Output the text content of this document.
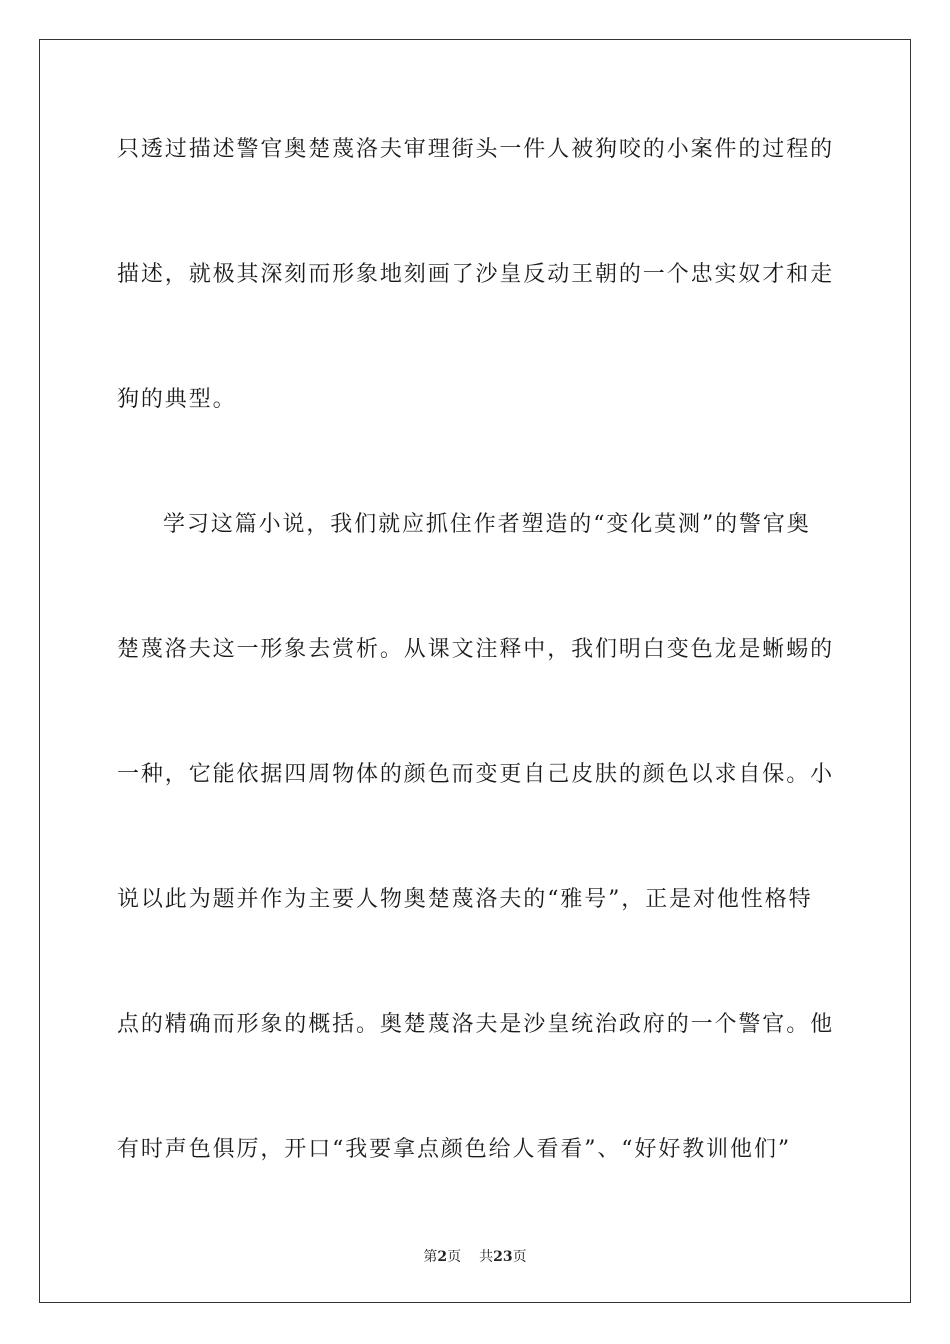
只透过描述警官奥楚蔑洛夫审理街头一件人被狗咬的小案件的过程的
描述，就极其深刻而形象地刻画了沙皇反动王朝的一个忠实奴才和走
狗的典型。
学习这篇小说，我们就应抓住作者塑造的“变化莫测”的警官奥
楚蔑洛夫这一形象去赏析。从课文注释中，我们明白变色龙是蜥蜴的
一种，它能依据四周物体的颜色而变更自己皮肤的颜色以求自保。小
说以此为题并作为主要人物奥楚蔑洛夫的“雅号”，正是对他性格特
点的精确而形象的概括。奥楚蔑洛夫是沙皇统治政府的一个警官。他
有时声色俱厉，开口“我要拿点颜色给人看看”、“好好教训他们”
第2页 共23页
